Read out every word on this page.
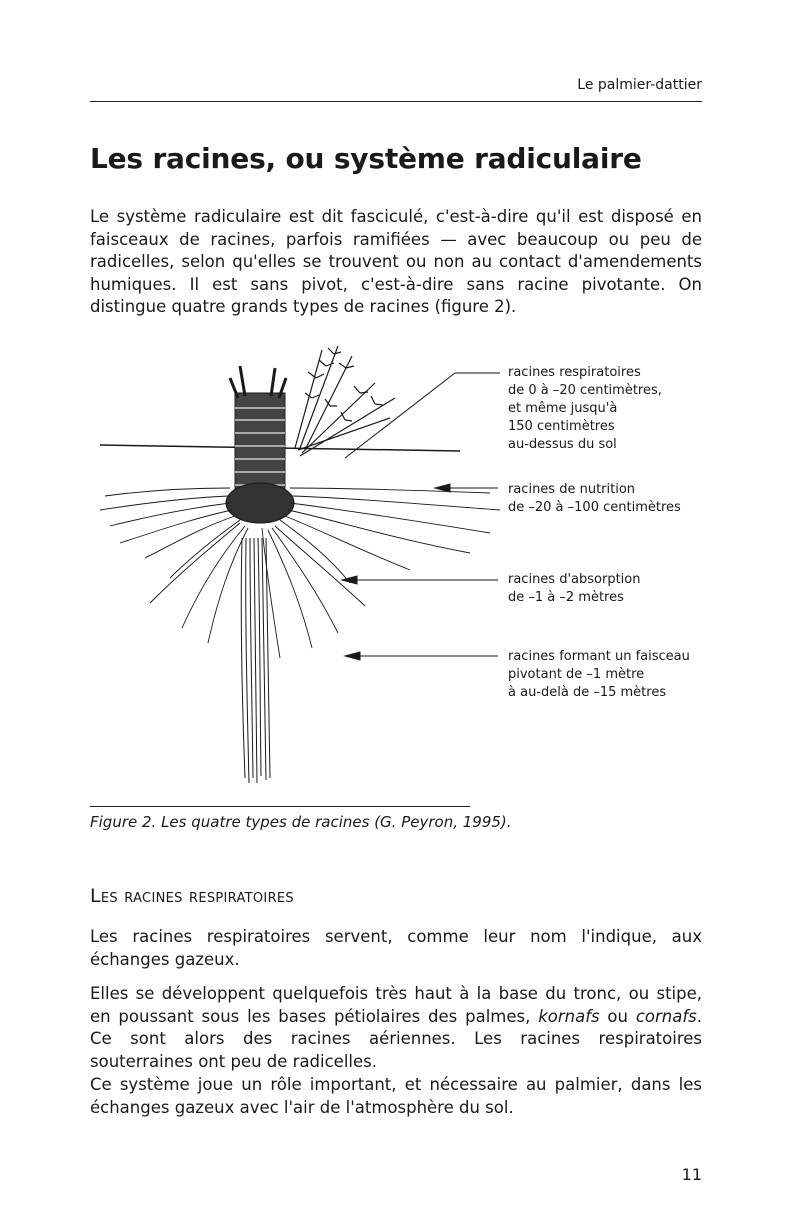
Le palmier-dattier
Les racines, ou système radiculaire

Le système radiculaire est dit fasciculé, c'est-à-dire qu'il est disposé en faisceaux de racines, parfois ramifiées — avec beaucoup ou peu de radicelles, selon qu'elles se trouvent ou non au contact d'amendements humiques. Il est sans pivot, c'est-à-dire sans racine pivotante. On distingue quatre grands types de racines (figure 2).

racines respiratoires de 0 à –20 centimètres, et même jusqu'à 150 centimètres au-dessus du sol
racines de nutrition de –20 à –100 centimètres
racines d'absorption de –1 à –2 mètres
racines formant un faisceau pivotant de –1 mètre à au-delà de –15 mètres
Figure 2. Les quatre types de racines (G. Peyron, 1995).
Les racines respiratoires

Les racines respiratoires servent, comme leur nom l'indique, aux échanges gazeux.

Elles se développent quelquefois très haut à la base du tronc, ou stipe, en poussant sous les bases pétiolaires des palmes, kornafs ou cornafs. Ce sont alors des racines aériennes. Les racines respiratoires souterraines ont peu de radicelles.

Ce système joue un rôle important, et nécessaire au palmier, dans les échanges gazeux avec l'air de l'atmosphère du sol.

11
